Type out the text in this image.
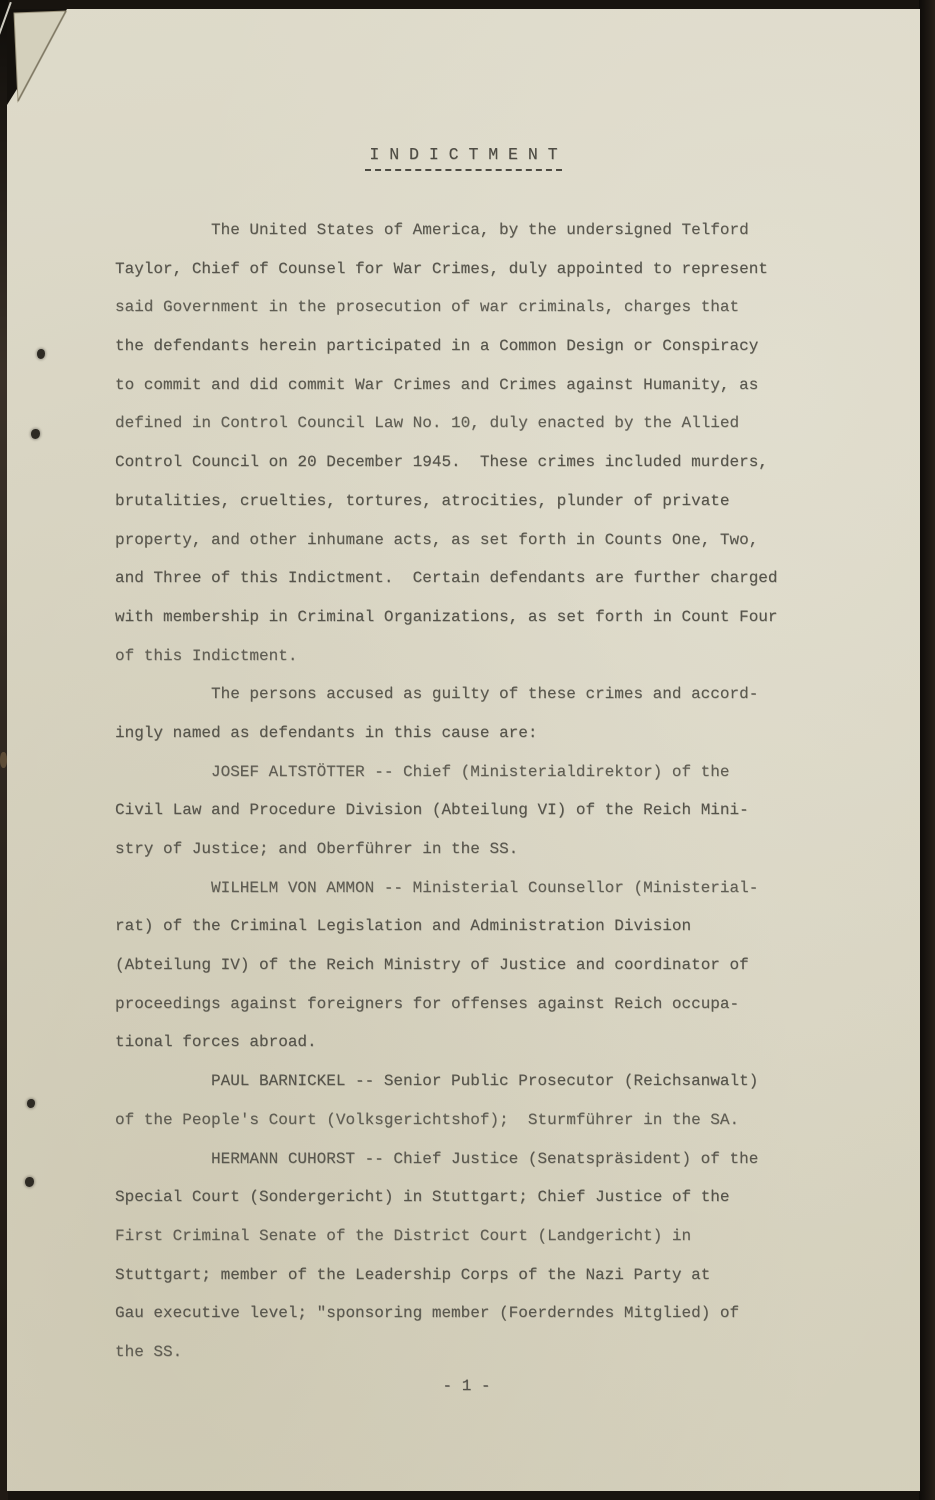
I N D I C T M E N T
The United States of America, by the undersigned Telford
Taylor, Chief of Counsel for War Crimes, duly appointed to represent
said Government in the prosecution of war criminals, charges that
the defendants herein participated in a Common Design or Conspiracy
to commit and did commit War Crimes and Crimes against Humanity, as
defined in Control Council Law No. 10, duly enacted by the Allied
Control Council on 20 December 1945.  These crimes included murders,
brutalities, cruelties, tortures, atrocities, plunder of private
property, and other inhumane acts, as set forth in Counts One, Two,
and Three of this Indictment.  Certain defendants are further charged
with membership in Criminal Organizations, as set forth in Count Four
of this Indictment.
The persons accused as guilty of these crimes and accord-
ingly named as defendants in this cause are:
JOSEF ALTSTÖTTER -- Chief (Ministerialdirektor) of the
Civil Law and Procedure Division (Abteilung VI) of the Reich Mini-
stry of Justice; and Oberführer in the SS.
WILHELM VON AMMON -- Ministerial Counsellor (Ministerial-
rat) of the Criminal Legislation and Administration Division
(Abteilung IV) of the Reich Ministry of Justice and coordinator of
proceedings against foreigners for offenses against Reich occupa-
tional forces abroad.
PAUL BARNICKEL -- Senior Public Prosecutor (Reichsanwalt)
of the People's Court (Volksgerichtshof);  Sturmführer in the SA.
HERMANN CUHORST -- Chief Justice (Senatspräsident) of the
Special Court (Sondergericht) in Stuttgart; Chief Justice of the
First Criminal Senate of the District Court (Landgericht) in
Stuttgart; member of the Leadership Corps of the Nazi Party at
Gau executive level; "sponsoring member (Foerderndes Mitglied) of
the SS.
- 1 -
